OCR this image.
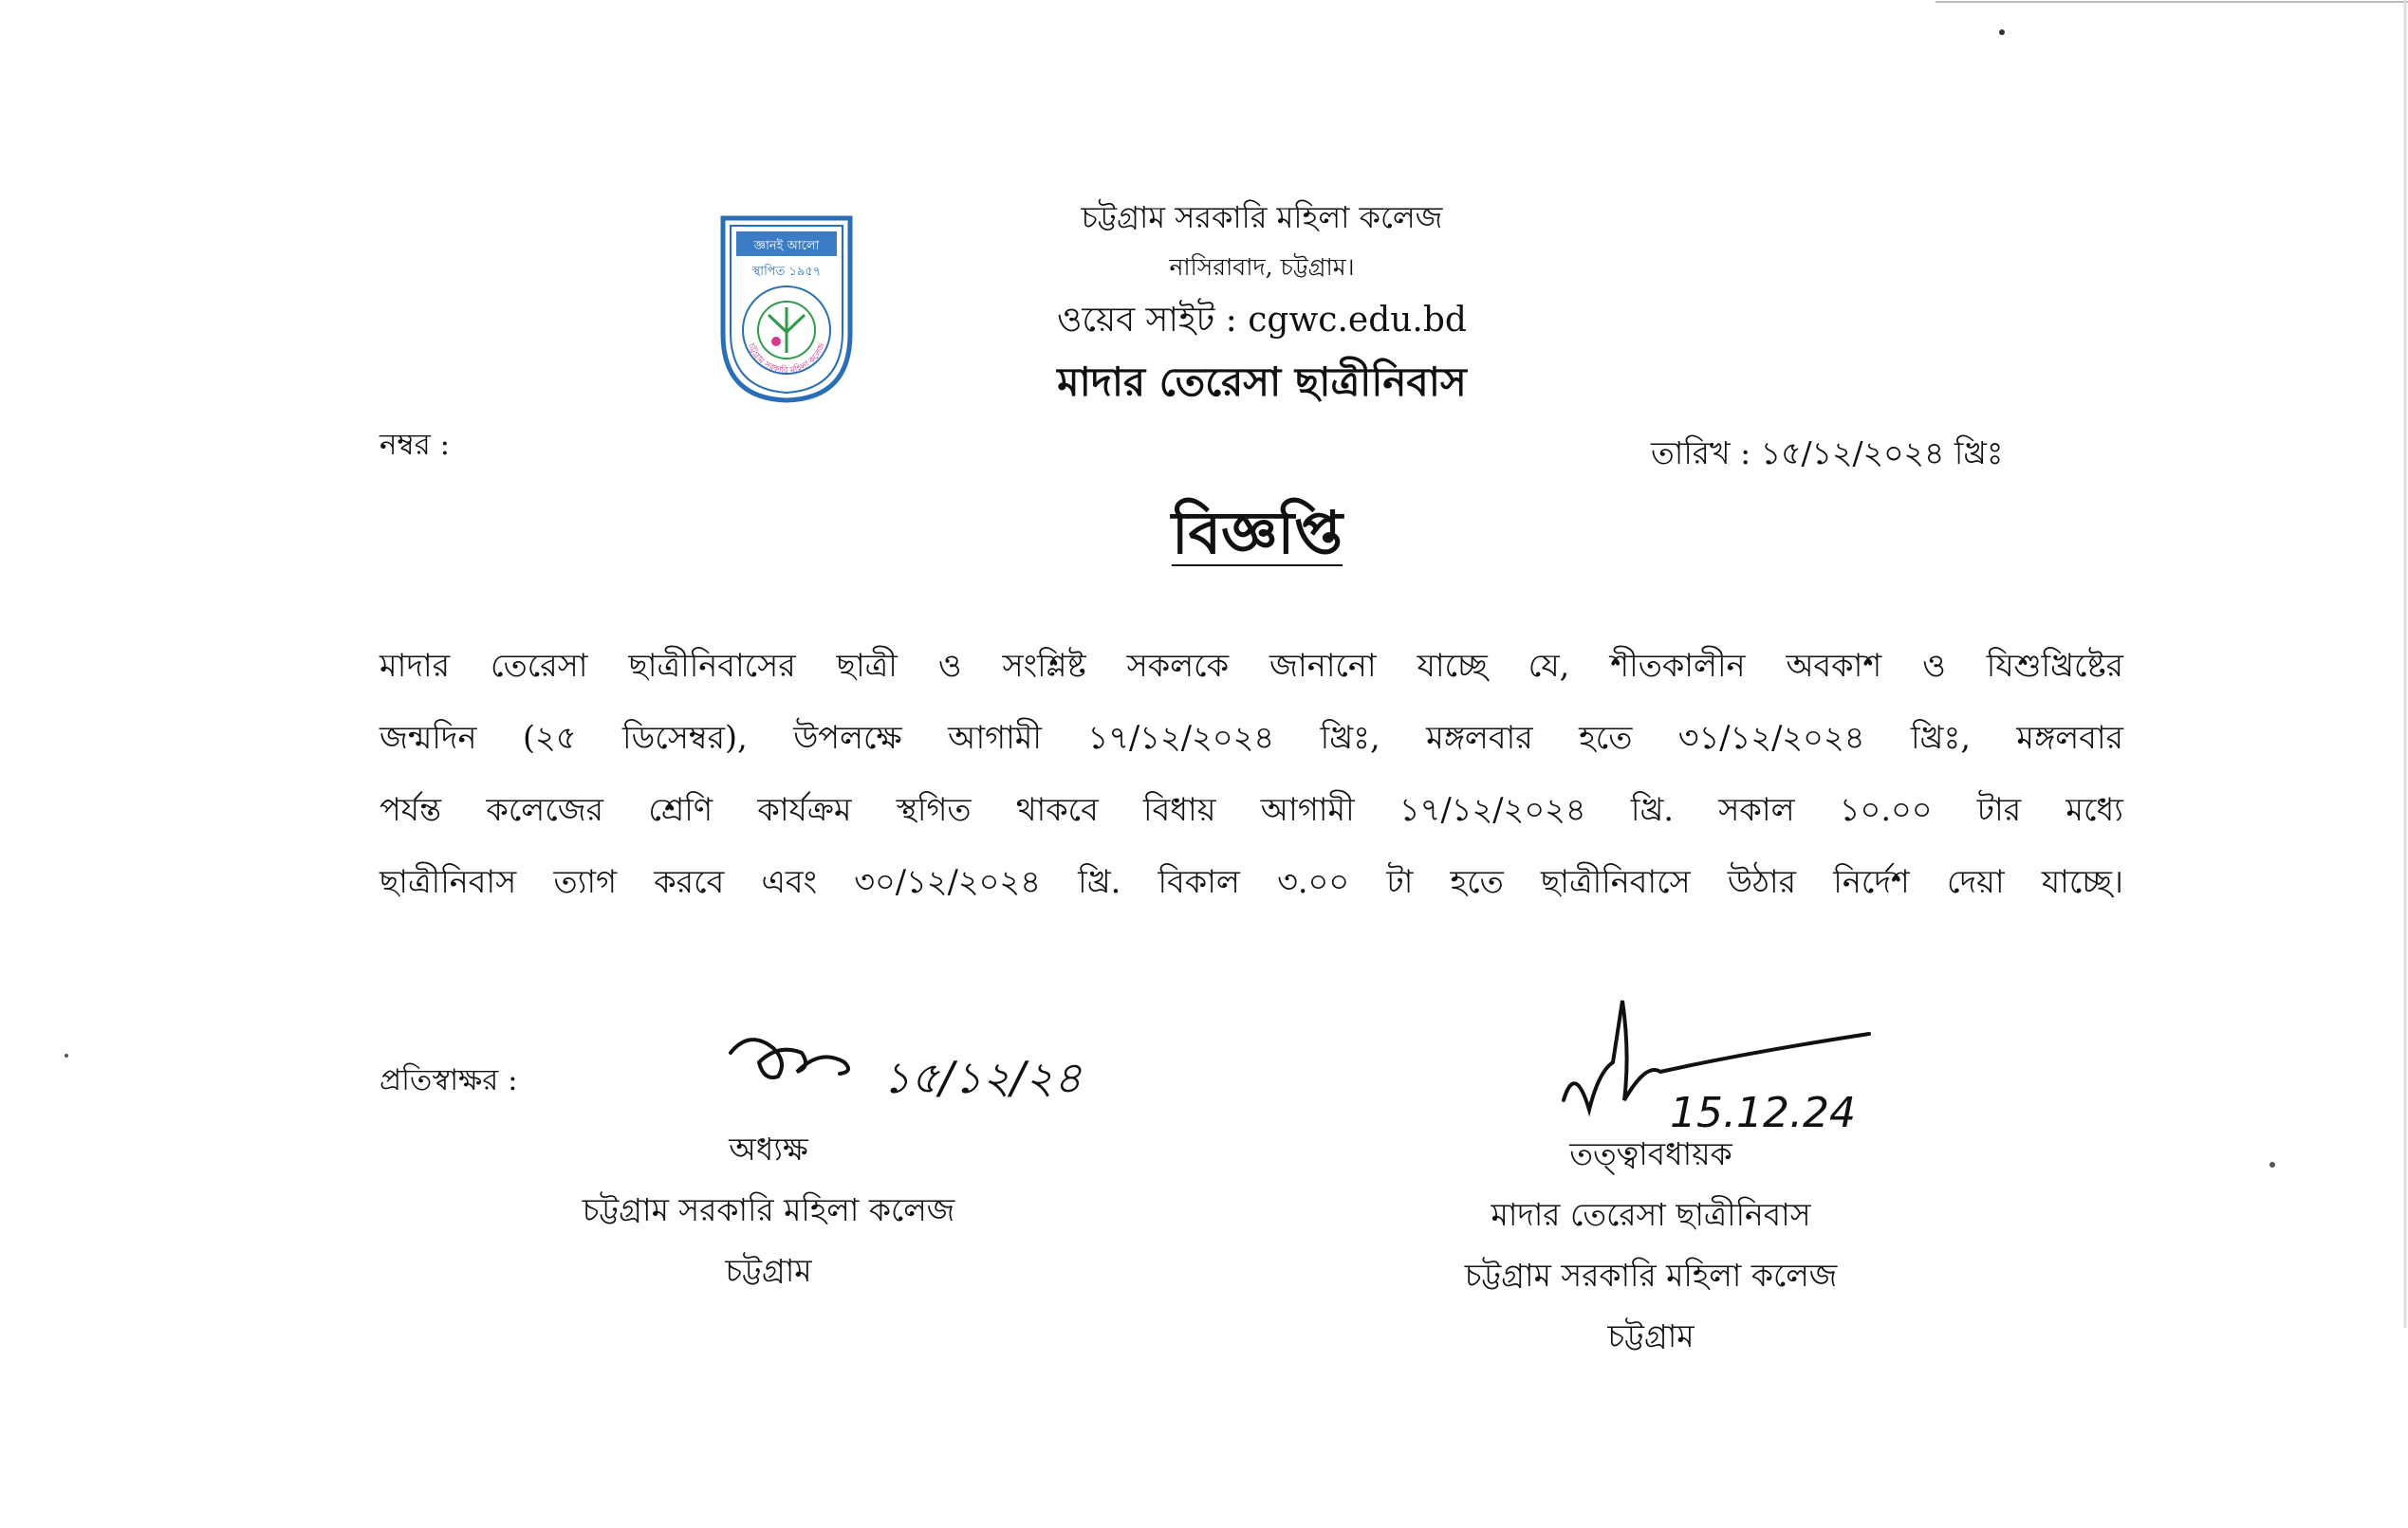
জ্ঞানই আলো
স্থাপিত ১৯৫৭
চট্টগ্রাম সরকারি মহিলা কলেজ
চট্টগ্রাম সরকারি মহিলা কলেজ
নাসিরাবাদ, চট্টগ্রাম।
ওয়েব সাইট : cgwc.edu.bd
মাদার তেরেসা ছাত্রীনিবাস
নম্বর :	তারিখ : ১৫/১২/২০২৪ খ্রিঃ
বিজ্ঞপ্তি
মাদার তেরেসা ছাত্রীনিবাসের ছাত্রী ও সংশ্লিষ্ট সকলকে জানানো যাচ্ছে যে, শীতকালীন অবকাশ ও যিশুখ্রিষ্টের
জন্মদিন (২৫ ডিসেম্বর), উপলক্ষে আগামী ১৭/১২/২০২৪ খ্রিঃ, মঙ্গলবার হতে ৩১/১২/২০২৪ খ্রিঃ, মঙ্গলবার
পর্যন্ত কলেজের শ্রেণি কার্যক্রম স্থগিত থাকবে বিধায় আগামী ১৭/১২/২০২৪ খ্রি. সকাল ১০.০০ টার মধ্যে
ছাত্রীনিবাস ত্যাগ করবে এবং ৩০/১২/২০২৪ খ্রি. বিকাল ৩.০০ টা হতে ছাত্রীনিবাসে উঠার নির্দেশ দেয়া যাচ্ছে।
প্রতিস্বাক্ষর :	১৫/১২/২৪
অধ্যক্ষ
চট্টগ্রাম সরকারি মহিলা কলেজ
চট্টগ্রাম
15.12.24
তত্ত্বাবধায়ক
মাদার তেরেসা ছাত্রীনিবাস
চট্টগ্রাম সরকারি মহিলা কলেজ
চট্টগ্রাম
